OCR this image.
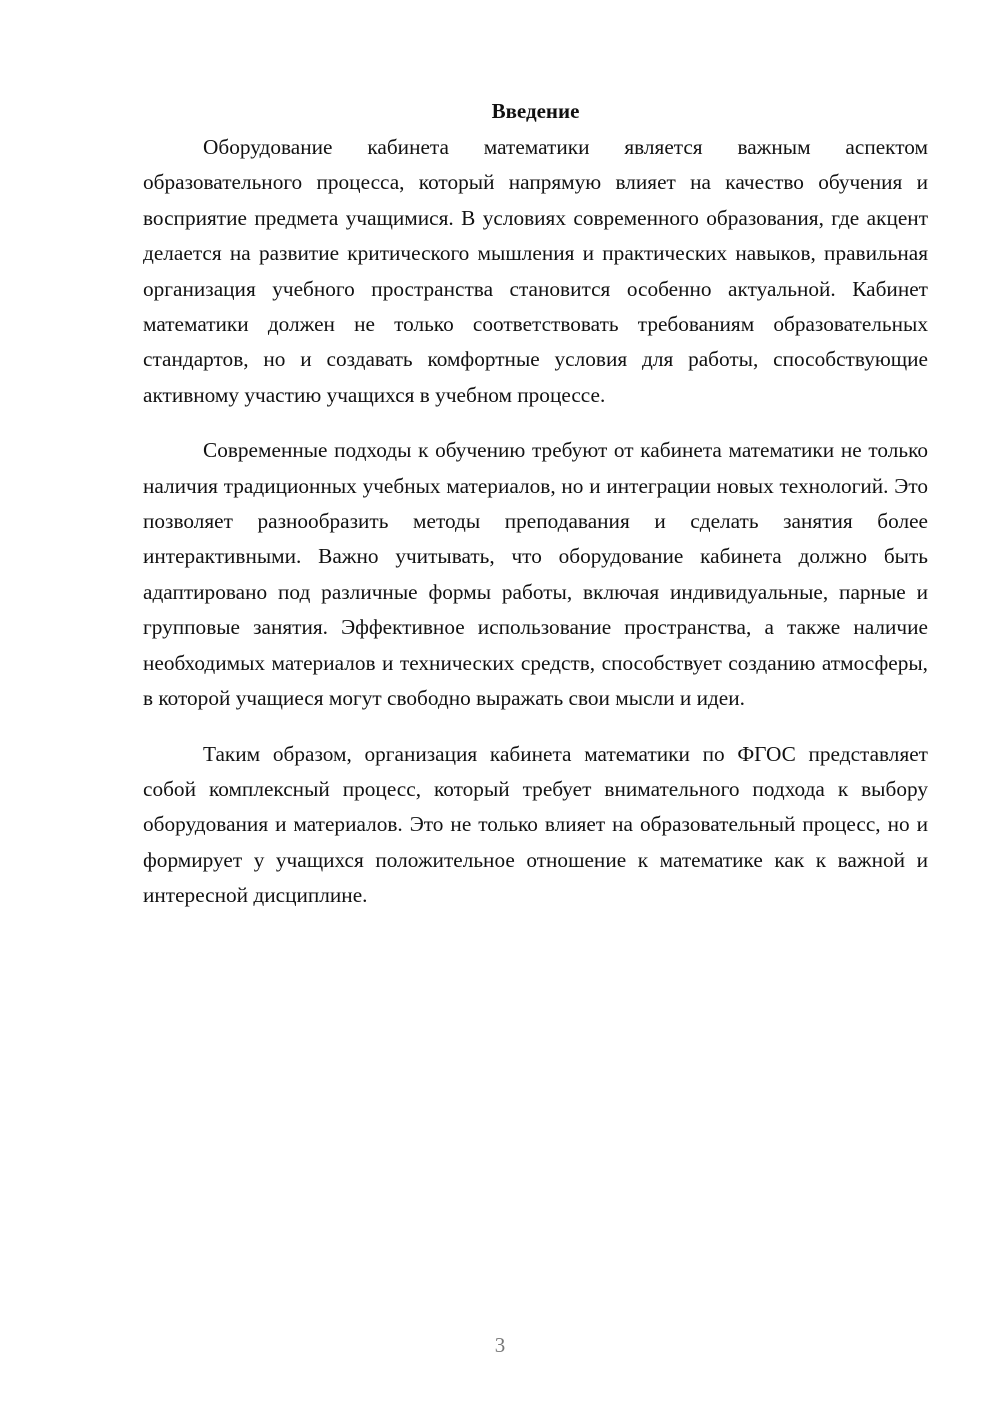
Введение

Оборудование кабинета математики является важным аспектом образовательного процесса, который напрямую влияет на качество обучения и восприятие предмета учащимися. В условиях современного образования, где акцент делается на развитие критического мышления и практических навыков, правильная организация учебного пространства становится особенно актуальной. Кабинет математики должен не только соответствовать требованиям образовательных стандартов, но и создавать комфортные условия для работы, способствующие активному участию учащихся в учебном процессе.

Современные подходы к обучению требуют от кабинета математики не только наличия традиционных учебных материалов, но и интеграции новых технологий. Это позволяет разнообразить методы преподавания и сделать занятия более интерактивными. Важно учитывать, что оборудование кабинета должно быть адаптировано под различные формы работы, включая индивидуальные, парные и групповые занятия. Эффективное использование пространства, а также наличие необходимых материалов и технических средств, способствует созданию атмосферы, в которой учащиеся могут свободно выражать свои мысли и идеи.

Таким образом, организация кабинета математики по ФГОС представляет собой комплексный процесс, который требует внимательного подхода к выбору оборудования и материалов. Это не только влияет на образовательный процесс, но и формирует у учащихся положительное отношение к математике как к важной и интересной дисциплине.

3
